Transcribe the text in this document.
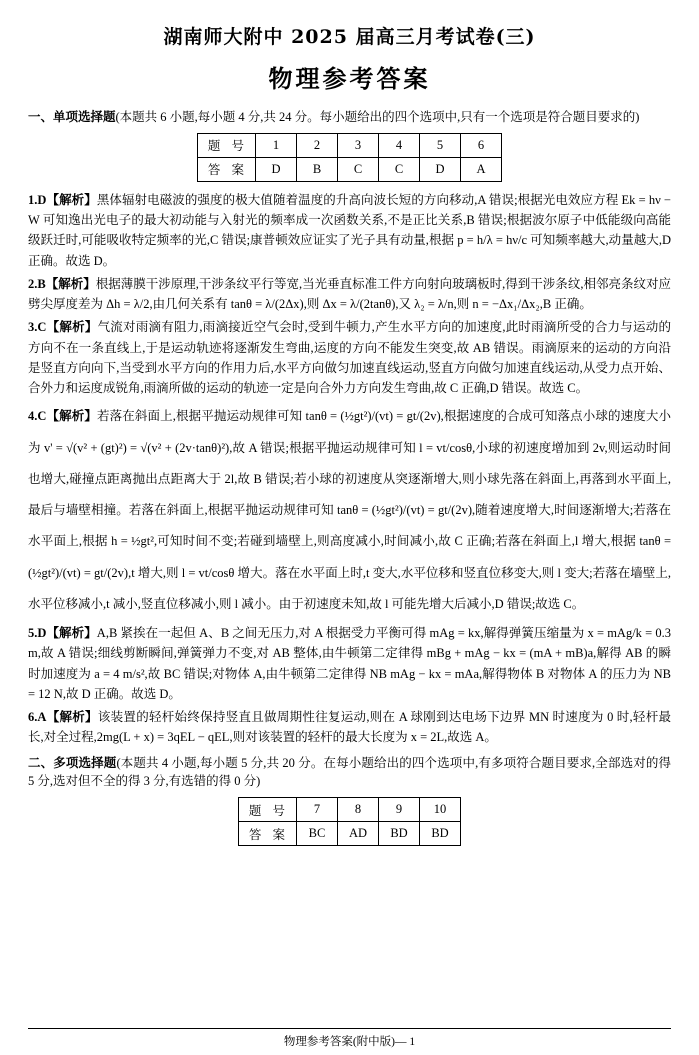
湖南师大附中 2025 届高三月考试卷(三)
物理参考答案
一、单项选择题(本题共 6 小题,每小题 4 分,共 24 分。每小题给出的四个选项中,只有一个选项是符合题目要求的)
题 号	1	2	3	4	5	6
答 案	D	B	C	C	D	A
1.D【解析】黑体辐射电磁波的强度的极大值随着温度的升高向波长短的方向移动,A 错误;根据光电效应方程 Ek = hν − W 可知逸出光电子的最大初动能与入射光的频率成一次函数关系,不是正比关系,B 错误;根据波尔原子中低能级向高能级跃迁时,可能吸收特定频率的光,C 错误;康普顿效应证实了光子具有动量,根据 p = h/λ = hν/c 可知频率越大,动量越大,D 正确。故选 D。
2.B【解析】根据薄膜干涉原理,干涉条纹平行等宽,当光垂直标准工件方向射向玻璃板时,得到干涉条纹,相邻亮条纹对应劈尖厚度差为 Δh = λ/2,由几何关系有 tanθ = λ/(2Δx),则 Δx = λ/(2tanθ),又 λ₂ = λ/n,则 n = −Δx₁/Δx₂,B 正确。
3.C【解析】气流对雨滴有阻力,雨滴接近空气会时,受到牛顿力,产生水平方向的加速度,此时雨滴所受的合力与运动的方向不在一条直线上,于是运动轨迹将逐渐发生弯曲,运度的方向不能发生突变,故 AB 错误。雨滴原来的运动的方向沿是竖直方向向下,当受到水平方向的作用力后,水平方向做匀加速直线运动,竖直方向做匀加速直线运动,从受力点开始、合外力和运度成锐角,雨滴所做的运动的轨迹一定是向合外力方向发生弯曲,故 C 正确,D 错误。故选 C。
4.C【解析】若落在斜面上,根据平抛运动规律可知 tanθ = (½gt²)/(vt) = gt/(2v),根据速度的合成可知落点小球的速度大小为 v' = √(v² + (gt)²) = √(v² + (2v·tanθ)²),故 A 错误;根据平抛运动规律可知 l = vt/cosθ,小球的初速度增加到 2v,则运动时间也增大,碰撞点距离抛出点距离大于 2l,故 B 错误;若小球的初速度从突逐渐增大,则小球先落在斜面上,再落到水平面上,最后与墙壁相撞。若落在斜面上,根据平抛运动规律可知 tanθ = (½gt²)/(vt) = gt/(2v),随着速度增大,时间逐渐增大;若落在水平面上,根据 h = ½gt²,可知时间不变;若碰到墙壁上,则高度减小,时间减小,故 C 正确;若落在斜面上,l 增大,根据 tanθ = (½gt²)/(vt) = gt/(2v),t 增大,则 l = vt/cosθ 增大。落在水平面上时,t 变大,水平位移和竖直位移变大,则 l 变大;若落在墙壁上,水平位移减小,t 减小,竖直位移减小,则 l 减小。由于初速度未知,故 l 可能先增大后减小,D 错误;故选 C。
5.D【解析】A,B 紧挨在一起但 A、B 之间无压力,对 A 根据受力平衡可得 mAg = kx,解得弹簧压缩量为 x = mAg/k = 0.3 m,故 A 错误;细线剪断瞬间,弹簧弹力不变,对 AB 整体,由牛顿第二定律得 mBg + mAg − kx = (mA + mB)a,解得 AB 的瞬时加速度为 a = 4 m/s²,故 BC 错误;对物体 A,由牛顿第二定律得 NB mAg − kx = mAa,解得物体 B 对物体 A 的压力为 NB = 12 N,故 D 正确。故选 D。
6.A【解析】该装置的轻杆始终保持竖直且做周期性往复运动,则在 A 球刚到达电场下边界 MN 时速度为 0 时,轻杆最长,对全过程,2mg(L + x) = 3qEL − qEL,则对该装置的轻杆的最大长度为 x = 2L,故选 A。
二、多项选择题(本题共 4 小题,每小题 5 分,共 20 分。在每小题给出的四个选项中,有多项符合题目要求,全部选对的得 5 分,选对但不全的得 3 分,有选错的得 0 分)
题 号	7	8	9	10
答 案	BC	AD	BD	BD
物理参考答案(附中版)— 1
